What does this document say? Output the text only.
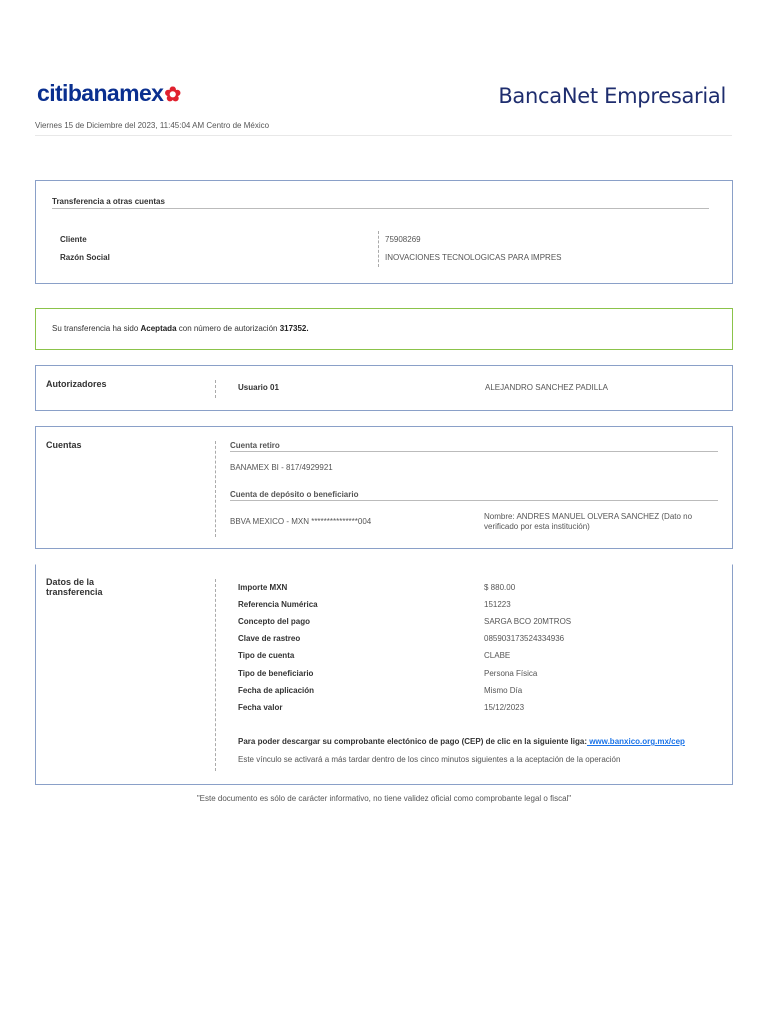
citibanamex✿	BancaNet Empresarial
Viernes 15 de Diciembre del 2023, 11:45:04 AM Centro de México
Transferencia a otras cuentas
Cliente	75908269
Razón Social	INOVACIONES TECNOLOGICAS PARA IMPRES
Su transferencia ha sido Aceptada con número de autorización 317352.
Autorizadores	Usuario 01	ALEJANDRO SANCHEZ PADILLA
Cuentas	Cuenta retiro
BANAMEX BI - 817/4929921
Cuenta de depósito o beneficiario
BBVA MEXICO - MXN ***************004
Nombre: ANDRES MANUEL OLVERA SANCHEZ (Dato no verificado por esta institución)
Datos de la
transferencia	Importe MXN	$ 880.00
Referencia Numérica	151223
Concepto del pago	SARGA BCO 20MTROS
Clave de rastreo	085903173524334936
Tipo de cuenta	CLABE
Tipo de beneficiario	Persona Física
Fecha de aplicación	Mismo Día
Fecha valor	15/12/2023
Para poder descargar su comprobante electónico de pago (CEP) de clic en la siguiente liga: www.banxico.org.mx/cep
Este vínculo se activará a más tardar dentro de los cinco minutos siguientes a la aceptación de la operación
"Este documento es sólo de carácter informativo, no tiene validez oficial como comprobante legal o fiscal"
